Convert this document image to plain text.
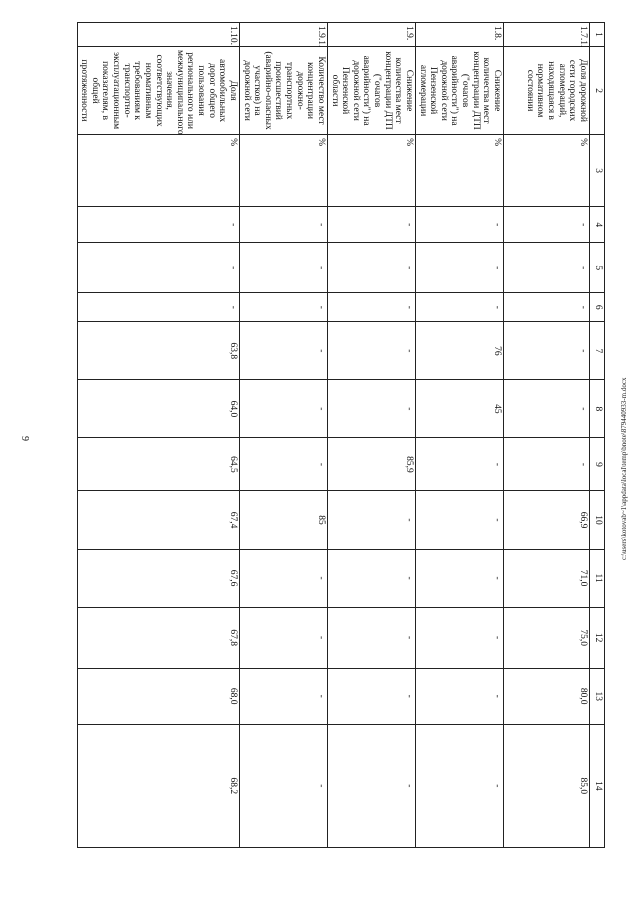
9
1	2	3	4	5	6	7	8	9	10	11	12	13	14
1.7.1.	Доля дорожной сети городских агломераций, находящаяся в нормативном состоянии	%	-	-	-	-	-	-	66,9	71,0	75,0	80,0	85,0
1.8.	Снижение количества мест концентрации ДТП ("очагов аварийности") на дорожной сети Пензенской агломерации	%	-	-	-	76	45	-	-	-	-	-	-
1.9.	Снижение количества мест концентрации ДТП ("очагов аварийности") на дорожной сети Пензенской области	%	-	-	-	-	-	85,9	-	-	-	-	-
1.9.1.	Количество мест концентрации дорожно-транспортных происшествий (аварийно-опасных участков) на дорожной сети	%	-	-	-	-	-	-	85	-	-	-	-
1.10.	Доля автомобильных дорог общего пользования регионального или межмуниципального значения, соответствующих нормативным требованиям к транспортно-эксплуатационным показателям, в общей протяженности	%	-	-	-	63,8	64,0	64,5	67,4	67,6	67,8	68,0	68,2
c:\users\kotovab~1\appdata\local\temp\bnote\879440933-m.docx
